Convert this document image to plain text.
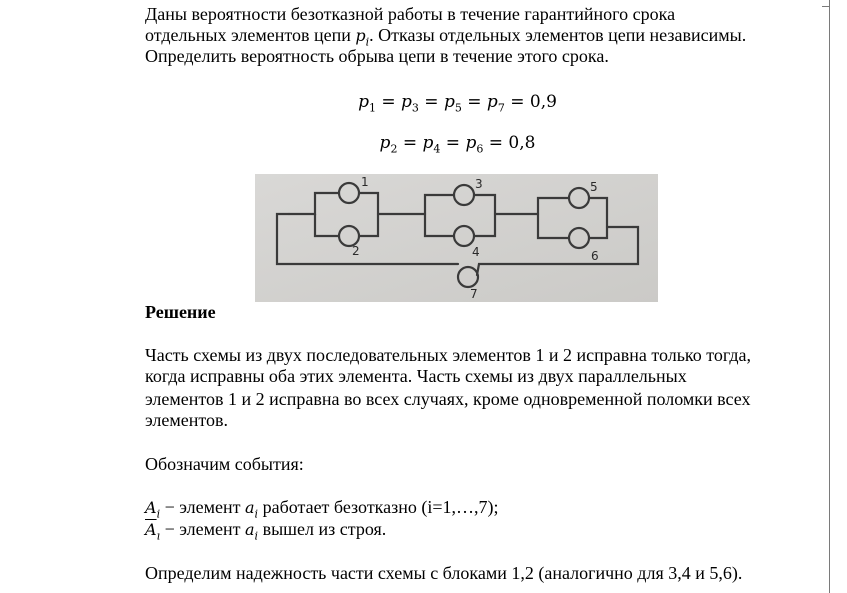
Даны вероятности безотказной работы в течение гарантийного срока

отдельных элементов цепи $p_i$. Отказы отдельных элементов цепи независимы.

Определить вероятность обрыва цепи в течение этого срока.

$p_1 = p_3 = p_5 = p_7 = 0,9$
$p_2 = p_4 = p_6 = 0,8$

Решение

Часть схемы из двух последовательных элементов 1 и 2 исправна только тогда,

когда исправны оба этих элемента. Часть схемы из двух параллельных

элементов 1 и 2 исправна во всех случаях, кроме одновременной поломки всех

элементов.

Обозначим события:

$A_i$ − элемент $a_i$ работает безотказно (i=1,…,7);

$\overline{A}_ı$ − элемент $a_i$ вышел из строя.

Определим надежность части схемы с блоками 1,2 (аналогично для 3,4 и 5,6).

1
2
3
4
5
6
7
